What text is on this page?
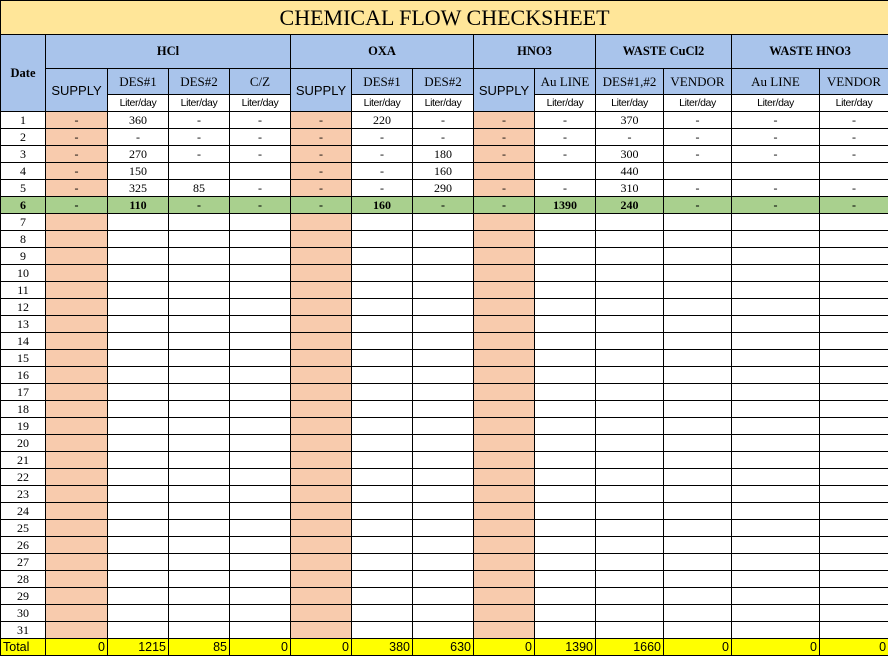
CHEMICAL FLOW CHECKSHEET													
Date	HCl				OXA			HNO3		WASTE CuCl2		WASTE HNO3	
	SUPPLY	DES#1	DES#2	C/Z	SUPPLY	DES#1	DES#2	SUPPLY	Au LINE	DES#1,#2	VENDOR	Au LINE	VENDOR
		Liter/day	Liter/day	Liter/day		Liter/day	Liter/day		Liter/day	Liter/day	Liter/day	Liter/day	Liter/day
1	-	360	-	-	-	220	-	-	-	370	-	-	-
2	-	-	-	-	-	-	-	-	-	-	-	-	-
3	-	270	-	-	-	-	180	-	-	300	-	-	-
4	-	150			-	-	160			440			
5	-	325	85	-	-	-	290	-	-	310	-	-	-
6	-	110	-	-	-	160	-	-	1390	240	-	-	-
7													
8													
9													
10													
11													
12													
13													
14													
15													
16													
17													
18													
19													
20													
21													
22													
23													
24													
25													
26													
27													
28													
29													
30													
31													
Total	0	1215	85	0	0	380	630	0	1390	1660	0	0	0
